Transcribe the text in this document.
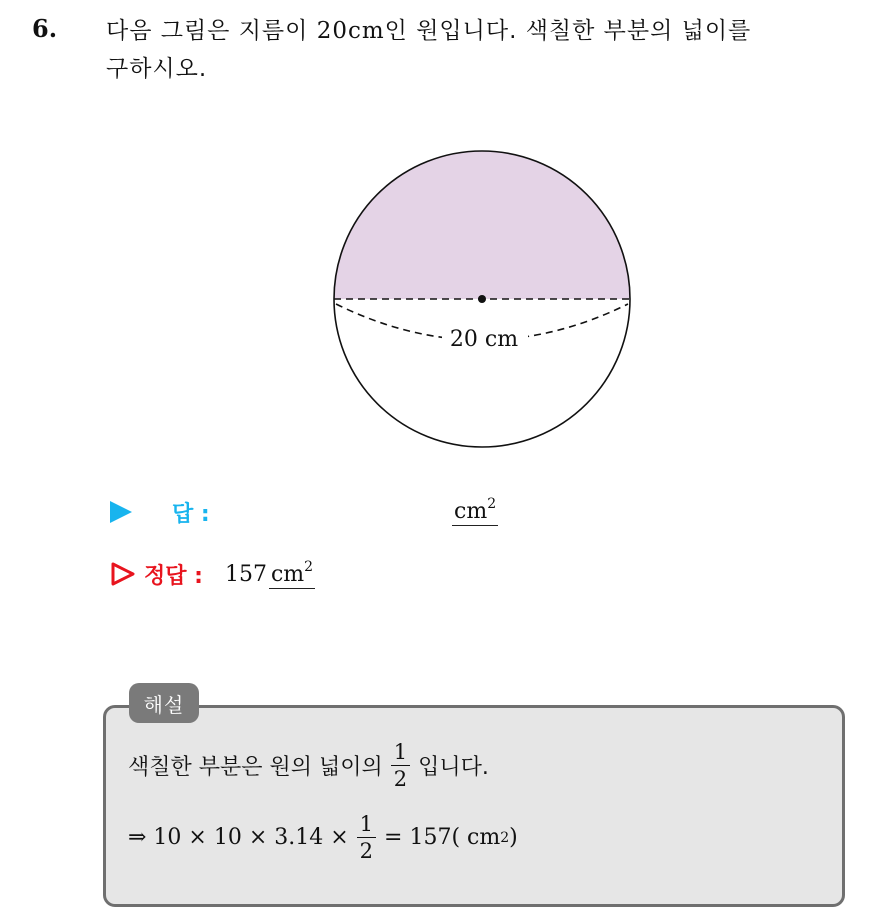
6. 다음 그림은 지름이 20cm인 원입니다. 색칠한 부분의 넓이를
구하시오.
20 cm
답 :	$cm^2$
정답 : 157 $cm^2$
해설
색칠한 부분은 원의 넓이의 $\frac{1}{2}$ 입니다.
⇒ $10 \times 10 \times 3.14 \times \frac{1}{2} = 157$( cm 2 )
